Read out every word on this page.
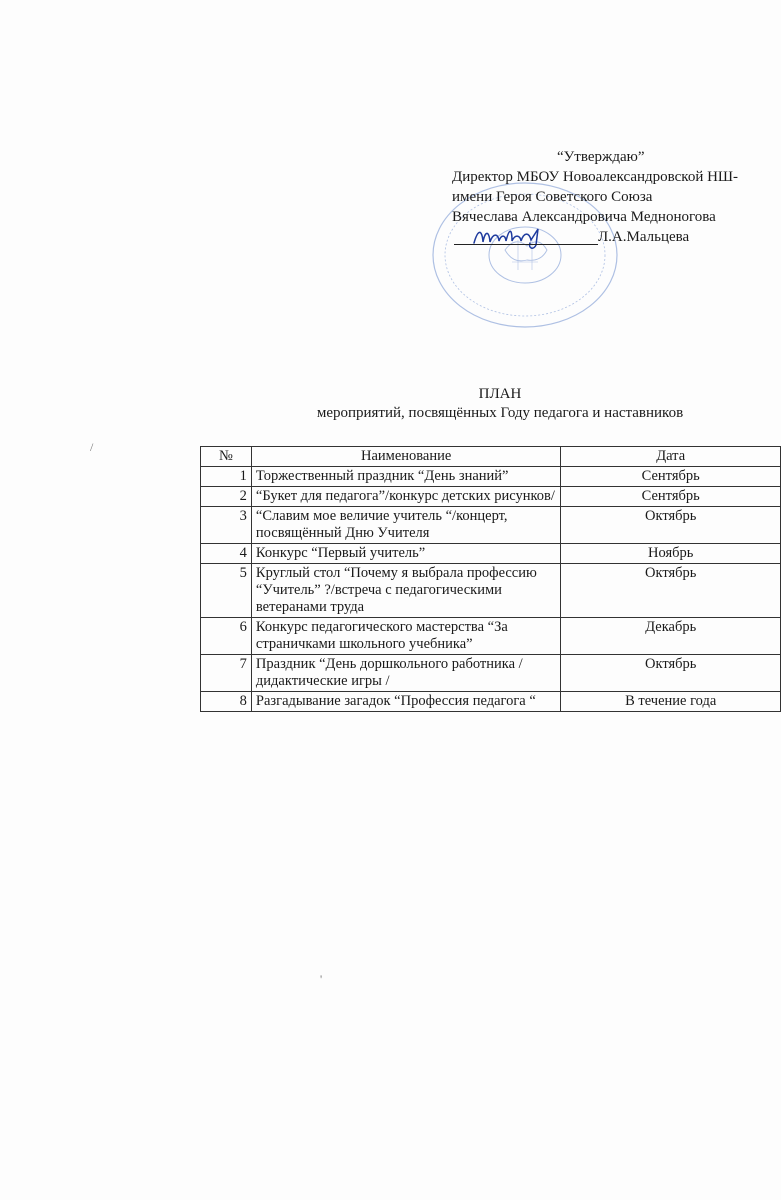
“Утверждаю”
Директор МБОУ Новоалександровской НШ-
имени Героя Советского Союза
Вячеслава Александровича Медноногова
Л.А.Мальцева
ПЛАН
мероприятий, посвящённых Году педагога и наставников
№	Наименование	Дата
1	Торжественный праздник “День знаний”	Сентябрь
2	“Букет для педагога”/конкурс детских рисунков/	Сентябрь
3	“Славим мое величие учитель “/концерт, посвящённый Дню Учителя	Октябрь
4	Конкурс “Первый учитель”	Ноябрь
5	Круглый стол “Почему я выбрала профессию “Учитель” ?/встреча с педагогическими ветеранами труда	Октябрь
6	Конкурс педагогического мастерства “За страничками школьного учебника”	Декабрь
7	Праздник “День доршкольного работника /дидактические игры /	Октябрь
8	Разгадывание загадок “Профессия педагога “	В течение года
/
'
